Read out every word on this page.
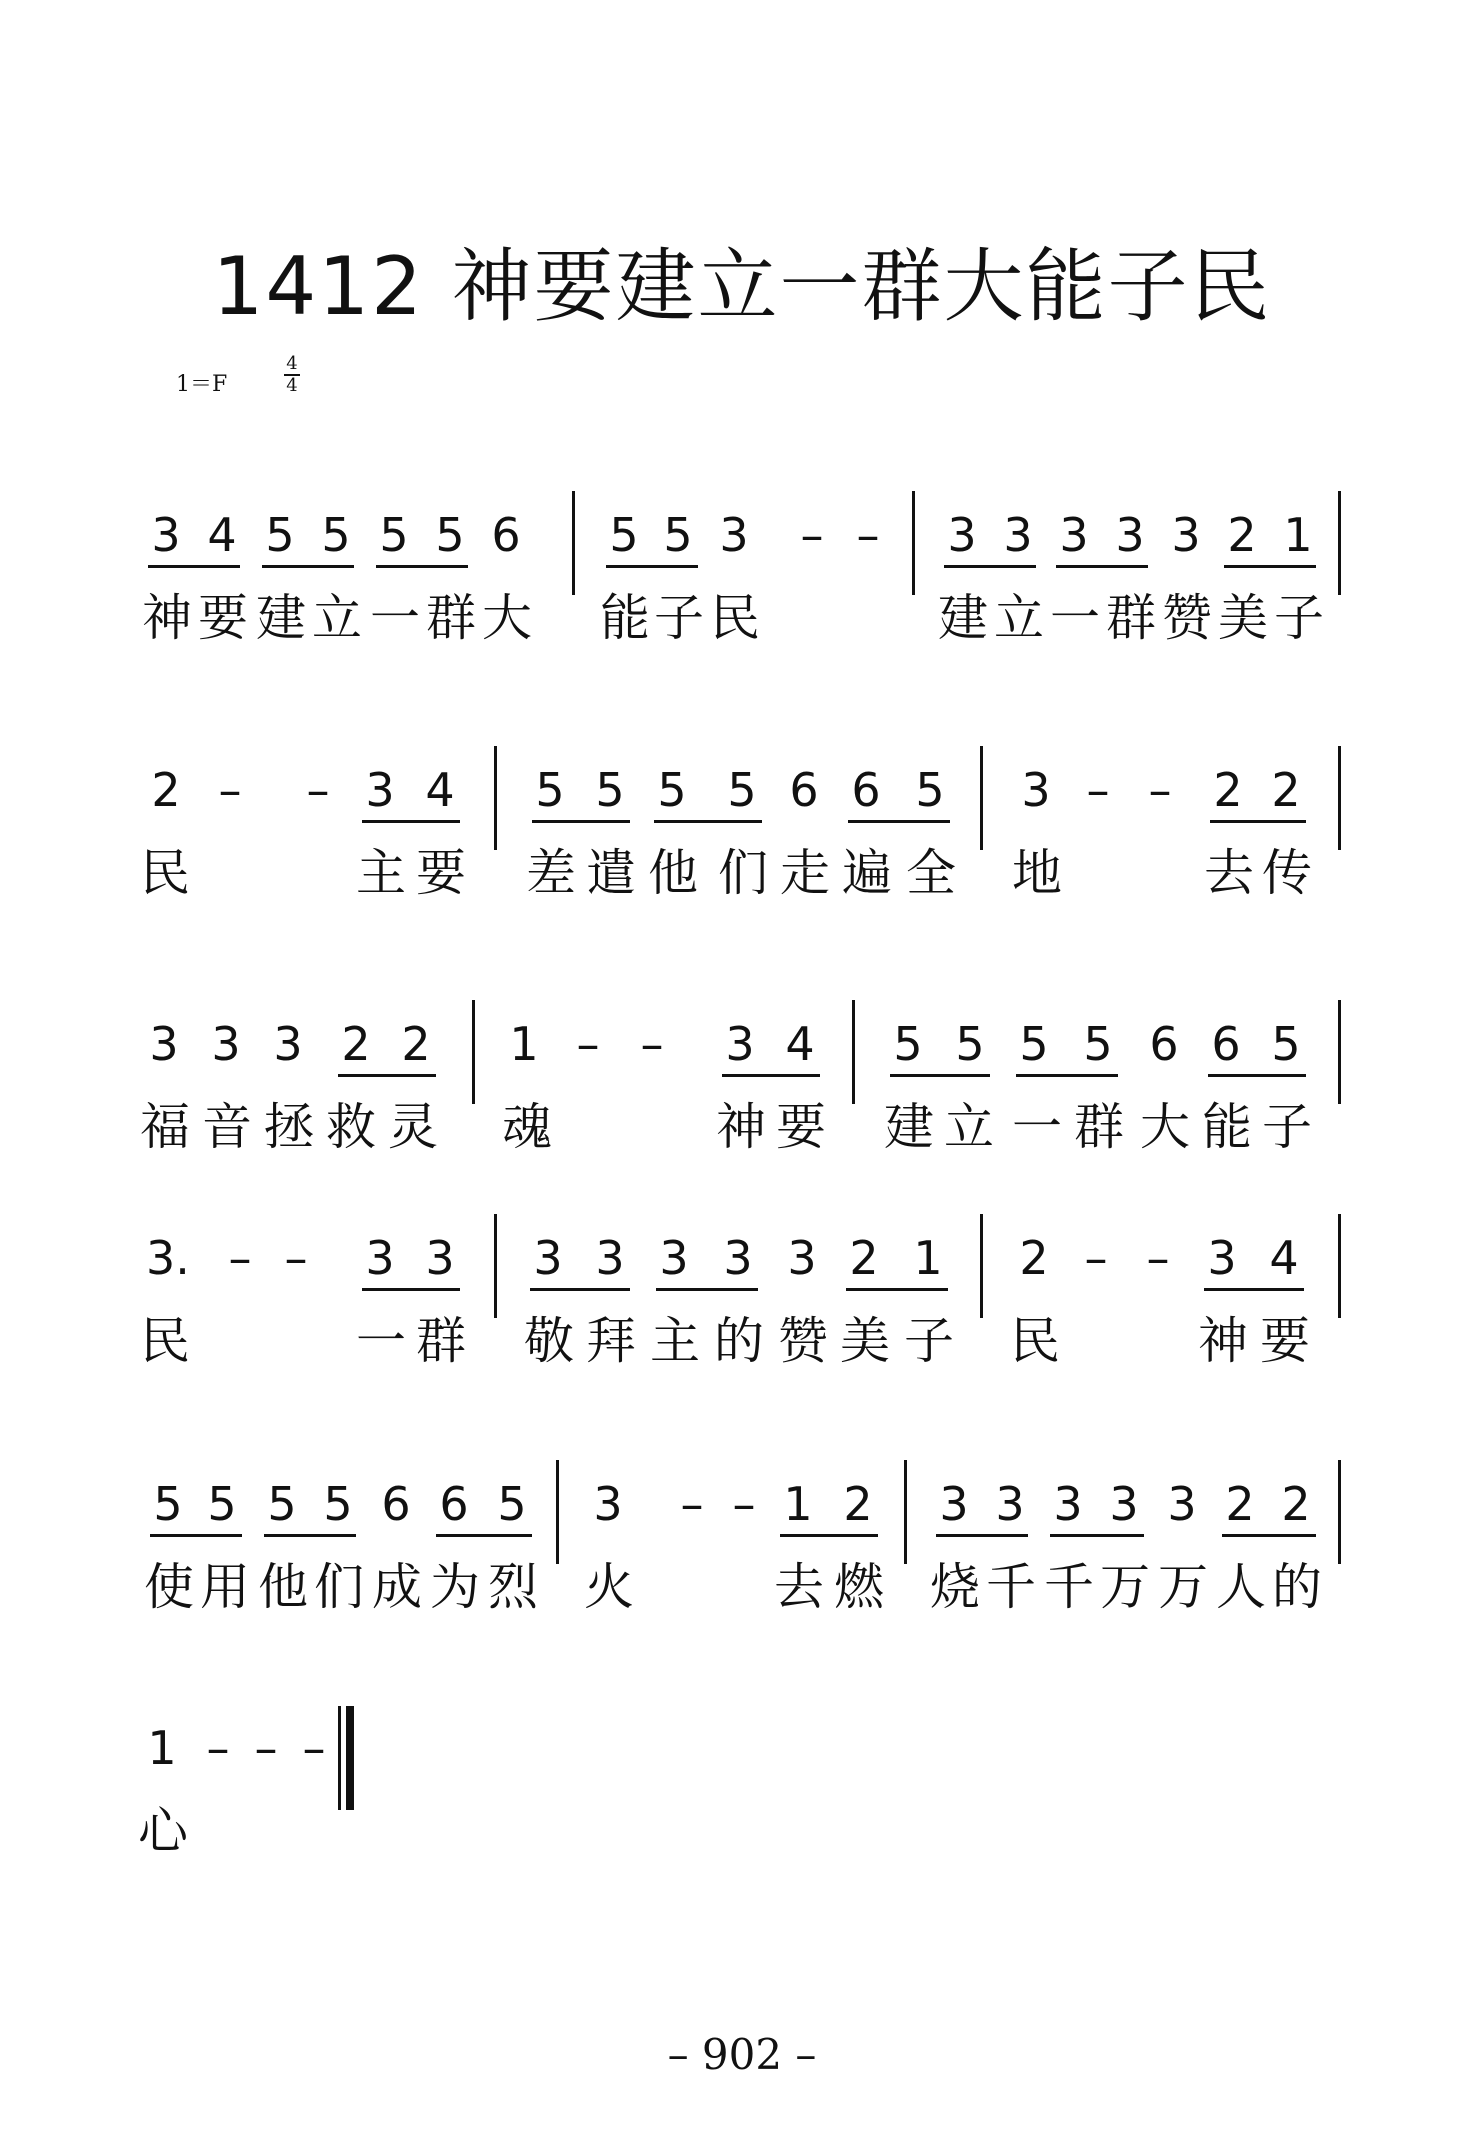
1412 神要建立一群大能子民
1＝F
4
4
3 4 5 5 5 5 6 5 5 3 – – 3 3 3 3 3 2 1
神 要 建 立 一 群 大 能 子 民	建 立 一 群 赞 美 子
2 – – 3 4 5 5 5 5 6 6 5 3 – – 2 2
民	主 要 差 遣 他 们 走 遍 全 地	去 传
3 3 3 2 2 1 – – 3 4 5 5 5 5 6 6 5
福 音 拯 救 灵 魂	神 要 建 立 一 群 大 能 子
3. – – 3 3 3 3 3 3 3 2 1 2 – – 3 4
民	一 群 敬 拜 主 的 赞 美 子 民	神 要
5 5 5 5 6 6 5 3 – – 1 2 3 3 3 3 3 2 2
使 用 他 们 成 为 烈 火	去 燃 烧 千 千 万 万 人 的
1 – – –
心
– 902 –
